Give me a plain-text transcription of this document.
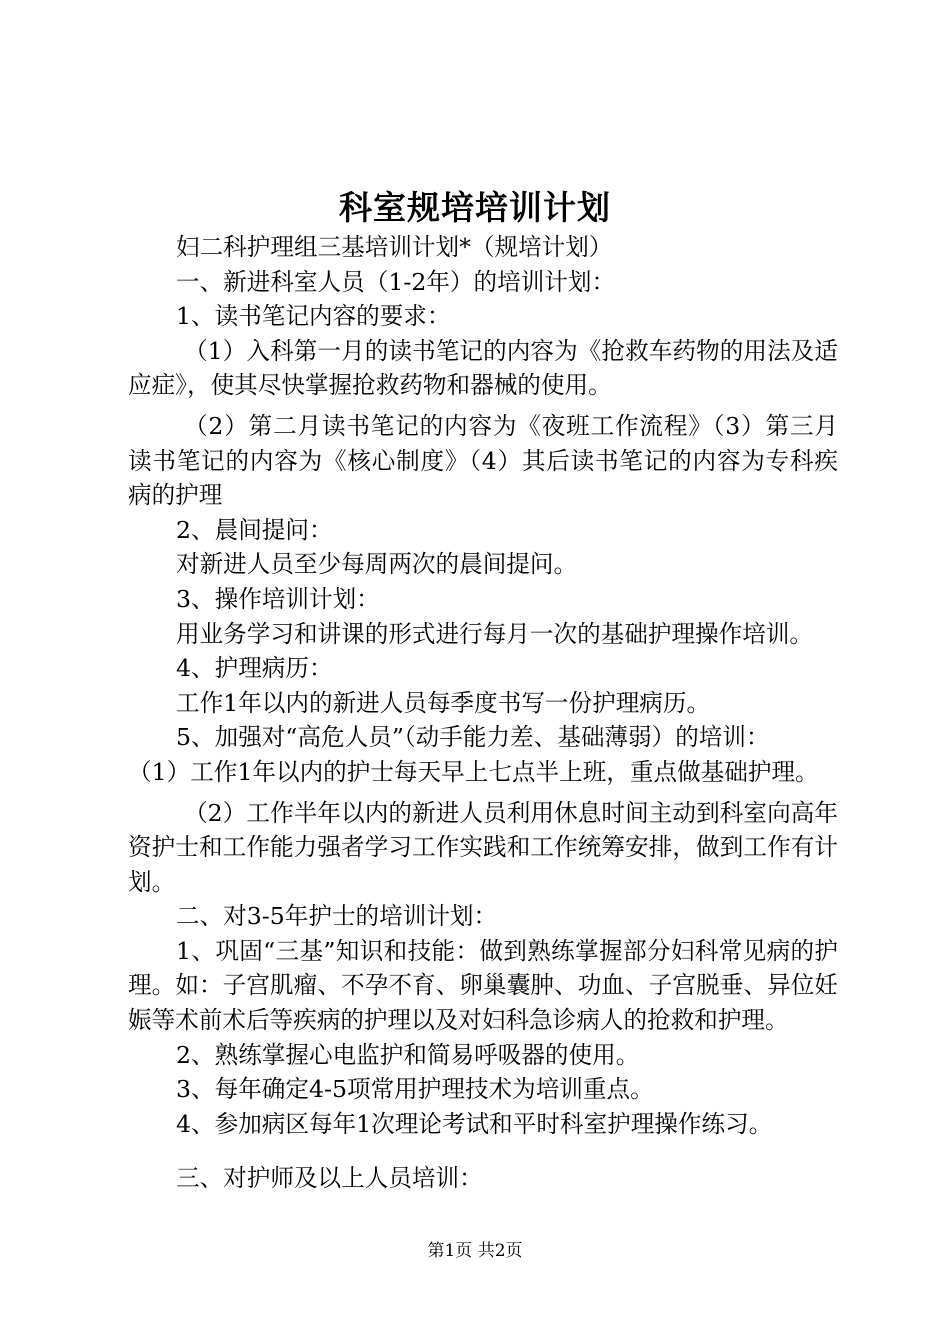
科室规培培训计划

妇二科护理组三基培训计划*（规培计划）

一、新进科室人员（1-2年）的培训计划：

1、读书笔记内容的要求：

（1）入科第一月的读书笔记的内容为《抢救车药物的用法及适应症》，使其尽快掌握抢救药物和器械的使用。

（2）第二月读书笔记的内容为《夜班工作流程》（3）第三月读书笔记的内容为《核心制度》（4）其后读书笔记的内容为专科疾病的护理

2、晨间提问：

对新进人员至少每周两次的晨间提问。

3、操作培训计划：

用业务学习和讲课的形式进行每月一次的基础护理操作培训。

4、护理病历：

工作1年以内的新进人员每季度书写一份护理病历。

5、加强对“高危人员”（动手能力差、基础薄弱）的培训：

（1）工作1年以内的护士每天早上七点半上班，重点做基础护理。

（2）工作半年以内的新进人员利用休息时间主动到科室向高年资护士和工作能力强者学习工作实践和工作统筹安排，做到工作有计划。

二、对3-5年护士的培训计划：

1、巩固“三基”知识和技能：做到熟练掌握部分妇科常见病的护理。如：子宫肌瘤、不孕不育、卵巢囊肿、功血、子宫脱垂、异位妊娠等术前术后等疾病的护理以及对妇科急诊病人的抢救和护理。

2、熟练掌握心电监护和简易呼吸器的使用。

3、每年确定4-5项常用护理技术为培训重点。

4、参加病区每年1次理论考试和平时科室护理操作练习。

三、对护师及以上人员培训：

第1页 共2页
